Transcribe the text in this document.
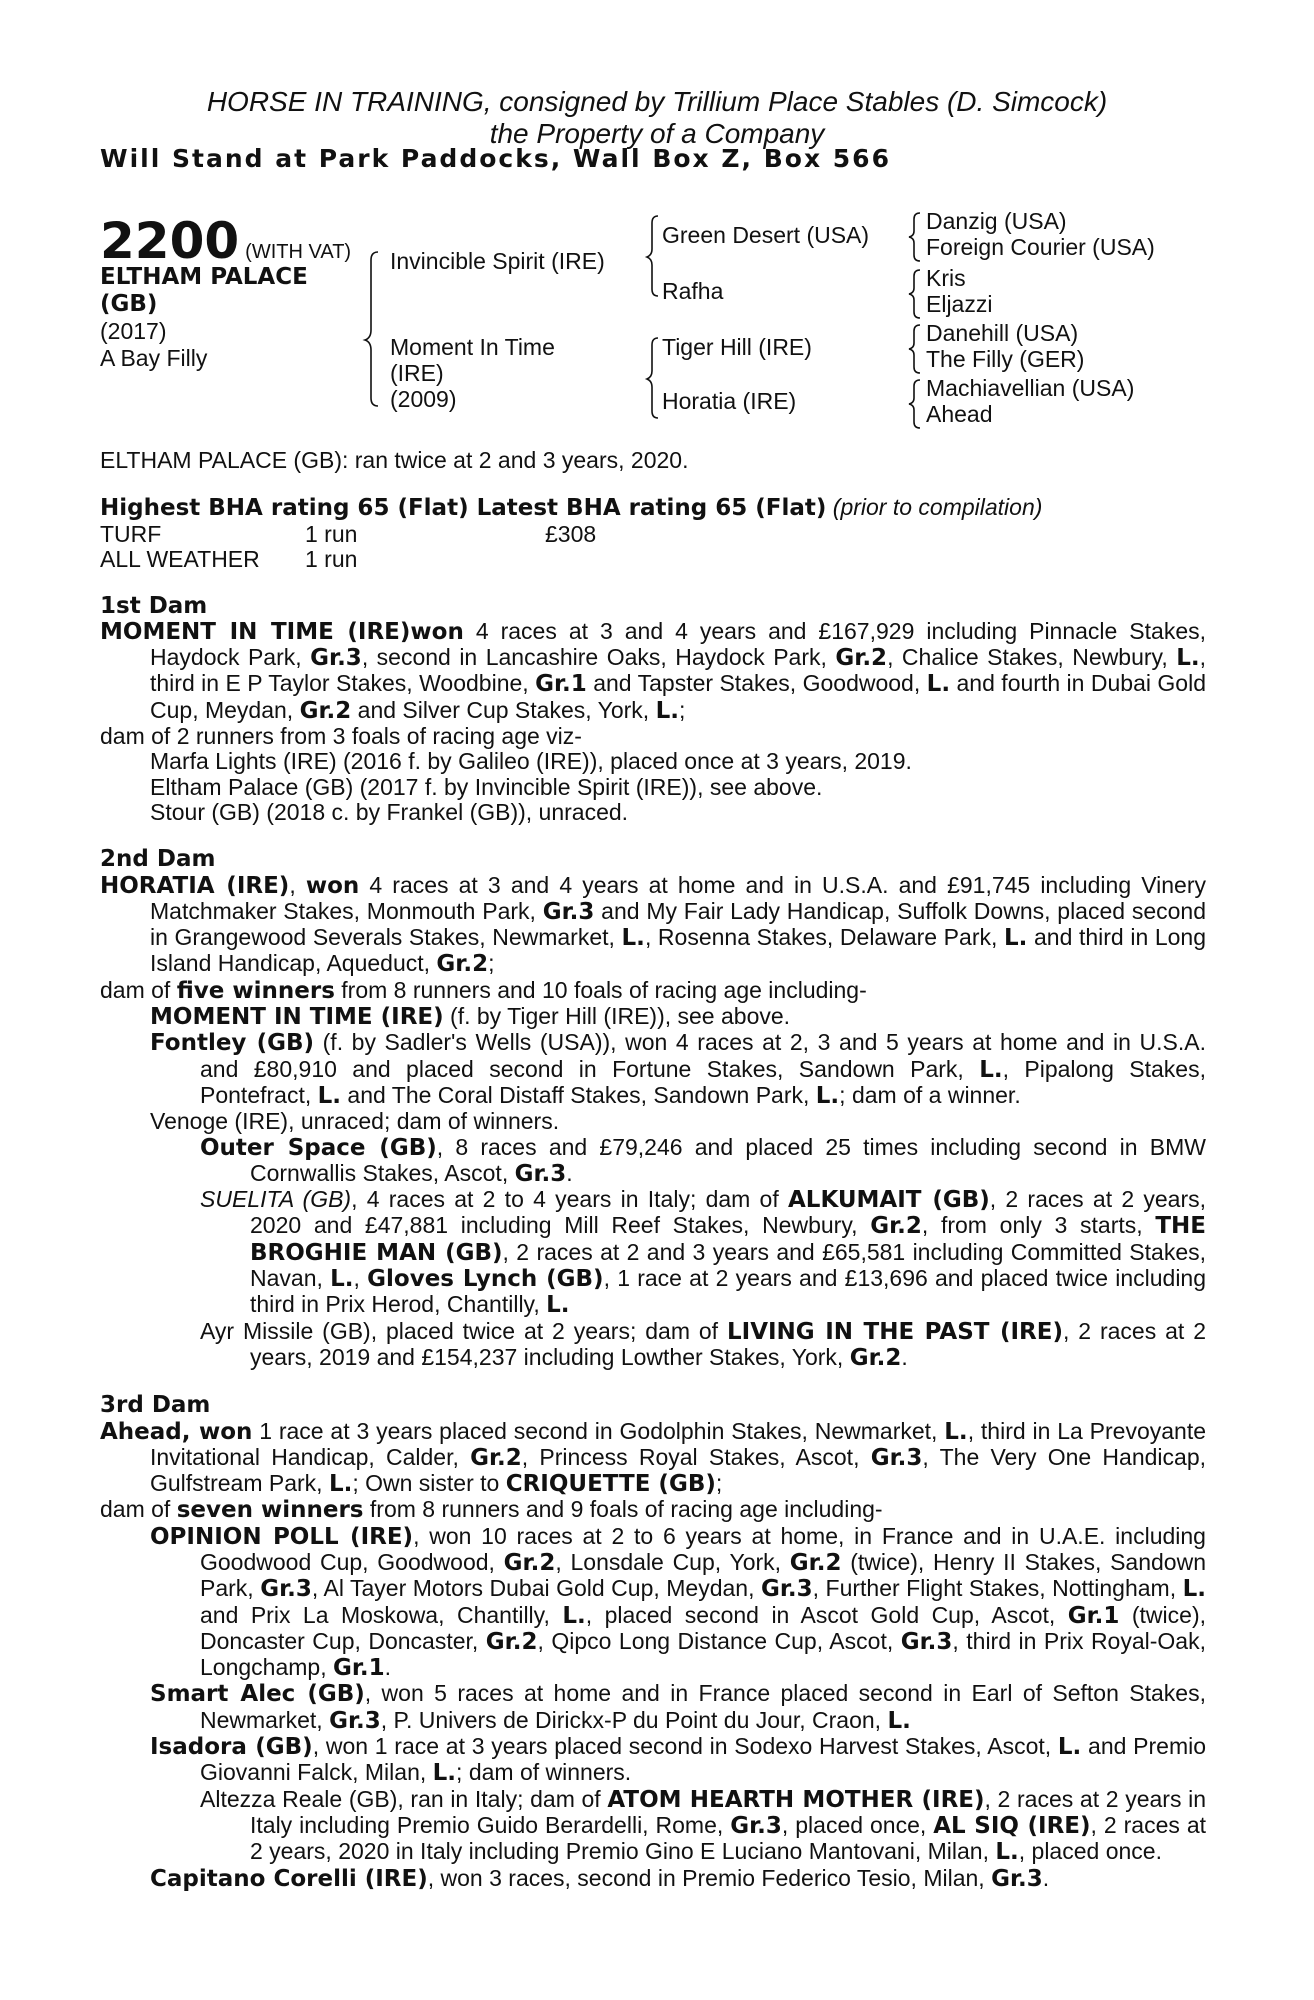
HORSE IN TRAINING, consigned by Trillium Place Stables (D. Simcock)
the Property of a Company
Will Stand at Park Paddocks, Wall Box Z, Box 566
2200 (WITH VAT)
ELTHAM PALACE
(GB)
(2017)
A Bay Filly
Invincible Spirit (IRE)
Moment In Time
(IRE)
(2009)
Green Desert (USA)
Rafha
Tiger Hill (IRE)
Horatia (IRE)
Danzig (USA)
Foreign Courier (USA)
Kris
Eljazzi
Danehill (USA)
The Filly (GER)
Machiavellian (USA)
Ahead

ELTHAM PALACE (GB): ran twice at 2 and 3 years, 2020.

Highest BHA rating 65 (Flat) Latest BHA rating 65 (Flat) (prior to compilation)

TURF	1 run	£308
ALL WEATHER	1 run	

1st Dam

MOMENT IN TIME (IRE)won 4 races at 3 and 4 years and £167,929 including Pinnacle Stakes, Haydock Park, Gr.3, second in Lancashire Oaks, Haydock Park, Gr.2, Chalice Stakes, Newbury, L., third in E P Taylor Stakes, Woodbine, Gr.1 and Tapster Stakes, Goodwood, L. and fourth in Dubai Gold Cup, Meydan, Gr.2 and Silver Cup Stakes, York, L.;

dam of 2 runners from 3 foals of racing age viz-

Marfa Lights (IRE) (2016 f. by Galileo (IRE)), placed once at 3 years, 2019.

Eltham Palace (GB) (2017 f. by Invincible Spirit (IRE)), see above.

Stour (GB) (2018 c. by Frankel (GB)), unraced.

2nd Dam

HORATIA (IRE), won 4 races at 3 and 4 years at home and in U.S.A. and £91,745 including Vinery Matchmaker Stakes, Monmouth Park, Gr.3 and My Fair Lady Handicap, Suffolk Downs, placed second in Grangewood Severals Stakes, Newmarket, L., Rosenna Stakes, Delaware Park, L. and third in Long Island Handicap, Aqueduct, Gr.2;

dam of five winners from 8 runners and 10 foals of racing age including-

MOMENT IN TIME (IRE) (f. by Tiger Hill (IRE)), see above.

Fontley (GB) (f. by Sadler's Wells (USA)), won 4 races at 2, 3 and 5 years at home and in U.S.A. and £80,910 and placed second in Fortune Stakes, Sandown Park, L., Pipalong Stakes, Pontefract, L. and The Coral Distaff Stakes, Sandown Park, L.; dam of a winner.

Venoge (IRE), unraced; dam of winners.

Outer Space (GB), 8 races and £79,246 and placed 25 times including second in BMW Cornwallis Stakes, Ascot, Gr.3.

SUELITA (GB), 4 races at 2 to 4 years in Italy; dam of ALKUMAIT (GB), 2 races at 2 years, 2020 and £47,881 including Mill Reef Stakes, Newbury, Gr.2, from only 3 starts, THE BROGHIE MAN (GB), 2 races at 2 and 3 years and £65,581 including Committed Stakes, Navan, L., Gloves Lynch (GB), 1 race at 2 years and £13,696 and placed twice including third in Prix Herod, Chantilly, L.

Ayr Missile (GB), placed twice at 2 years; dam of LIVING IN THE PAST (IRE), 2 races at 2 years, 2019 and £154,237 including Lowther Stakes, York, Gr.2.

3rd Dam

Ahead, won 1 race at 3 years placed second in Godolphin Stakes, Newmarket, L., third in La Prevoyante Invitational Handicap, Calder, Gr.2, Princess Royal Stakes, Ascot, Gr.3, The Very One Handicap, Gulfstream Park, L.; Own sister to CRIQUETTE (GB);

dam of seven winners from 8 runners and 9 foals of racing age including-

OPINION POLL (IRE), won 10 races at 2 to 6 years at home, in France and in U.A.E. including Goodwood Cup, Goodwood, Gr.2, Lonsdale Cup, York, Gr.2 (twice), Henry II Stakes, Sandown Park, Gr.3, Al Tayer Motors Dubai Gold Cup, Meydan, Gr.3, Further Flight Stakes, Nottingham, L. and Prix La Moskowa, Chantilly, L., placed second in Ascot Gold Cup, Ascot, Gr.1 (twice), Doncaster Cup, Doncaster, Gr.2, Qipco Long Distance Cup, Ascot, Gr.3, third in Prix Royal-Oak, Longchamp, Gr.1.

Smart Alec (GB), won 5 races at home and in France placed second in Earl of Sefton Stakes, Newmarket, Gr.3, P. Univers de Dirickx-P du Point du Jour, Craon, L.

Isadora (GB), won 1 race at 3 years placed second in Sodexo Harvest Stakes, Ascot, L. and Premio Giovanni Falck, Milan, L.; dam of winners.

Altezza Reale (GB), ran in Italy; dam of ATOM HEARTH MOTHER (IRE), 2 races at 2 years in Italy including Premio Guido Berardelli, Rome, Gr.3, placed once, AL SIQ (IRE), 2 races at 2 years, 2020 in Italy including Premio Gino E Luciano Mantovani, Milan, L., placed once.

Capitano Corelli (IRE), won 3 races, second in Premio Federico Tesio, Milan, Gr.3.
